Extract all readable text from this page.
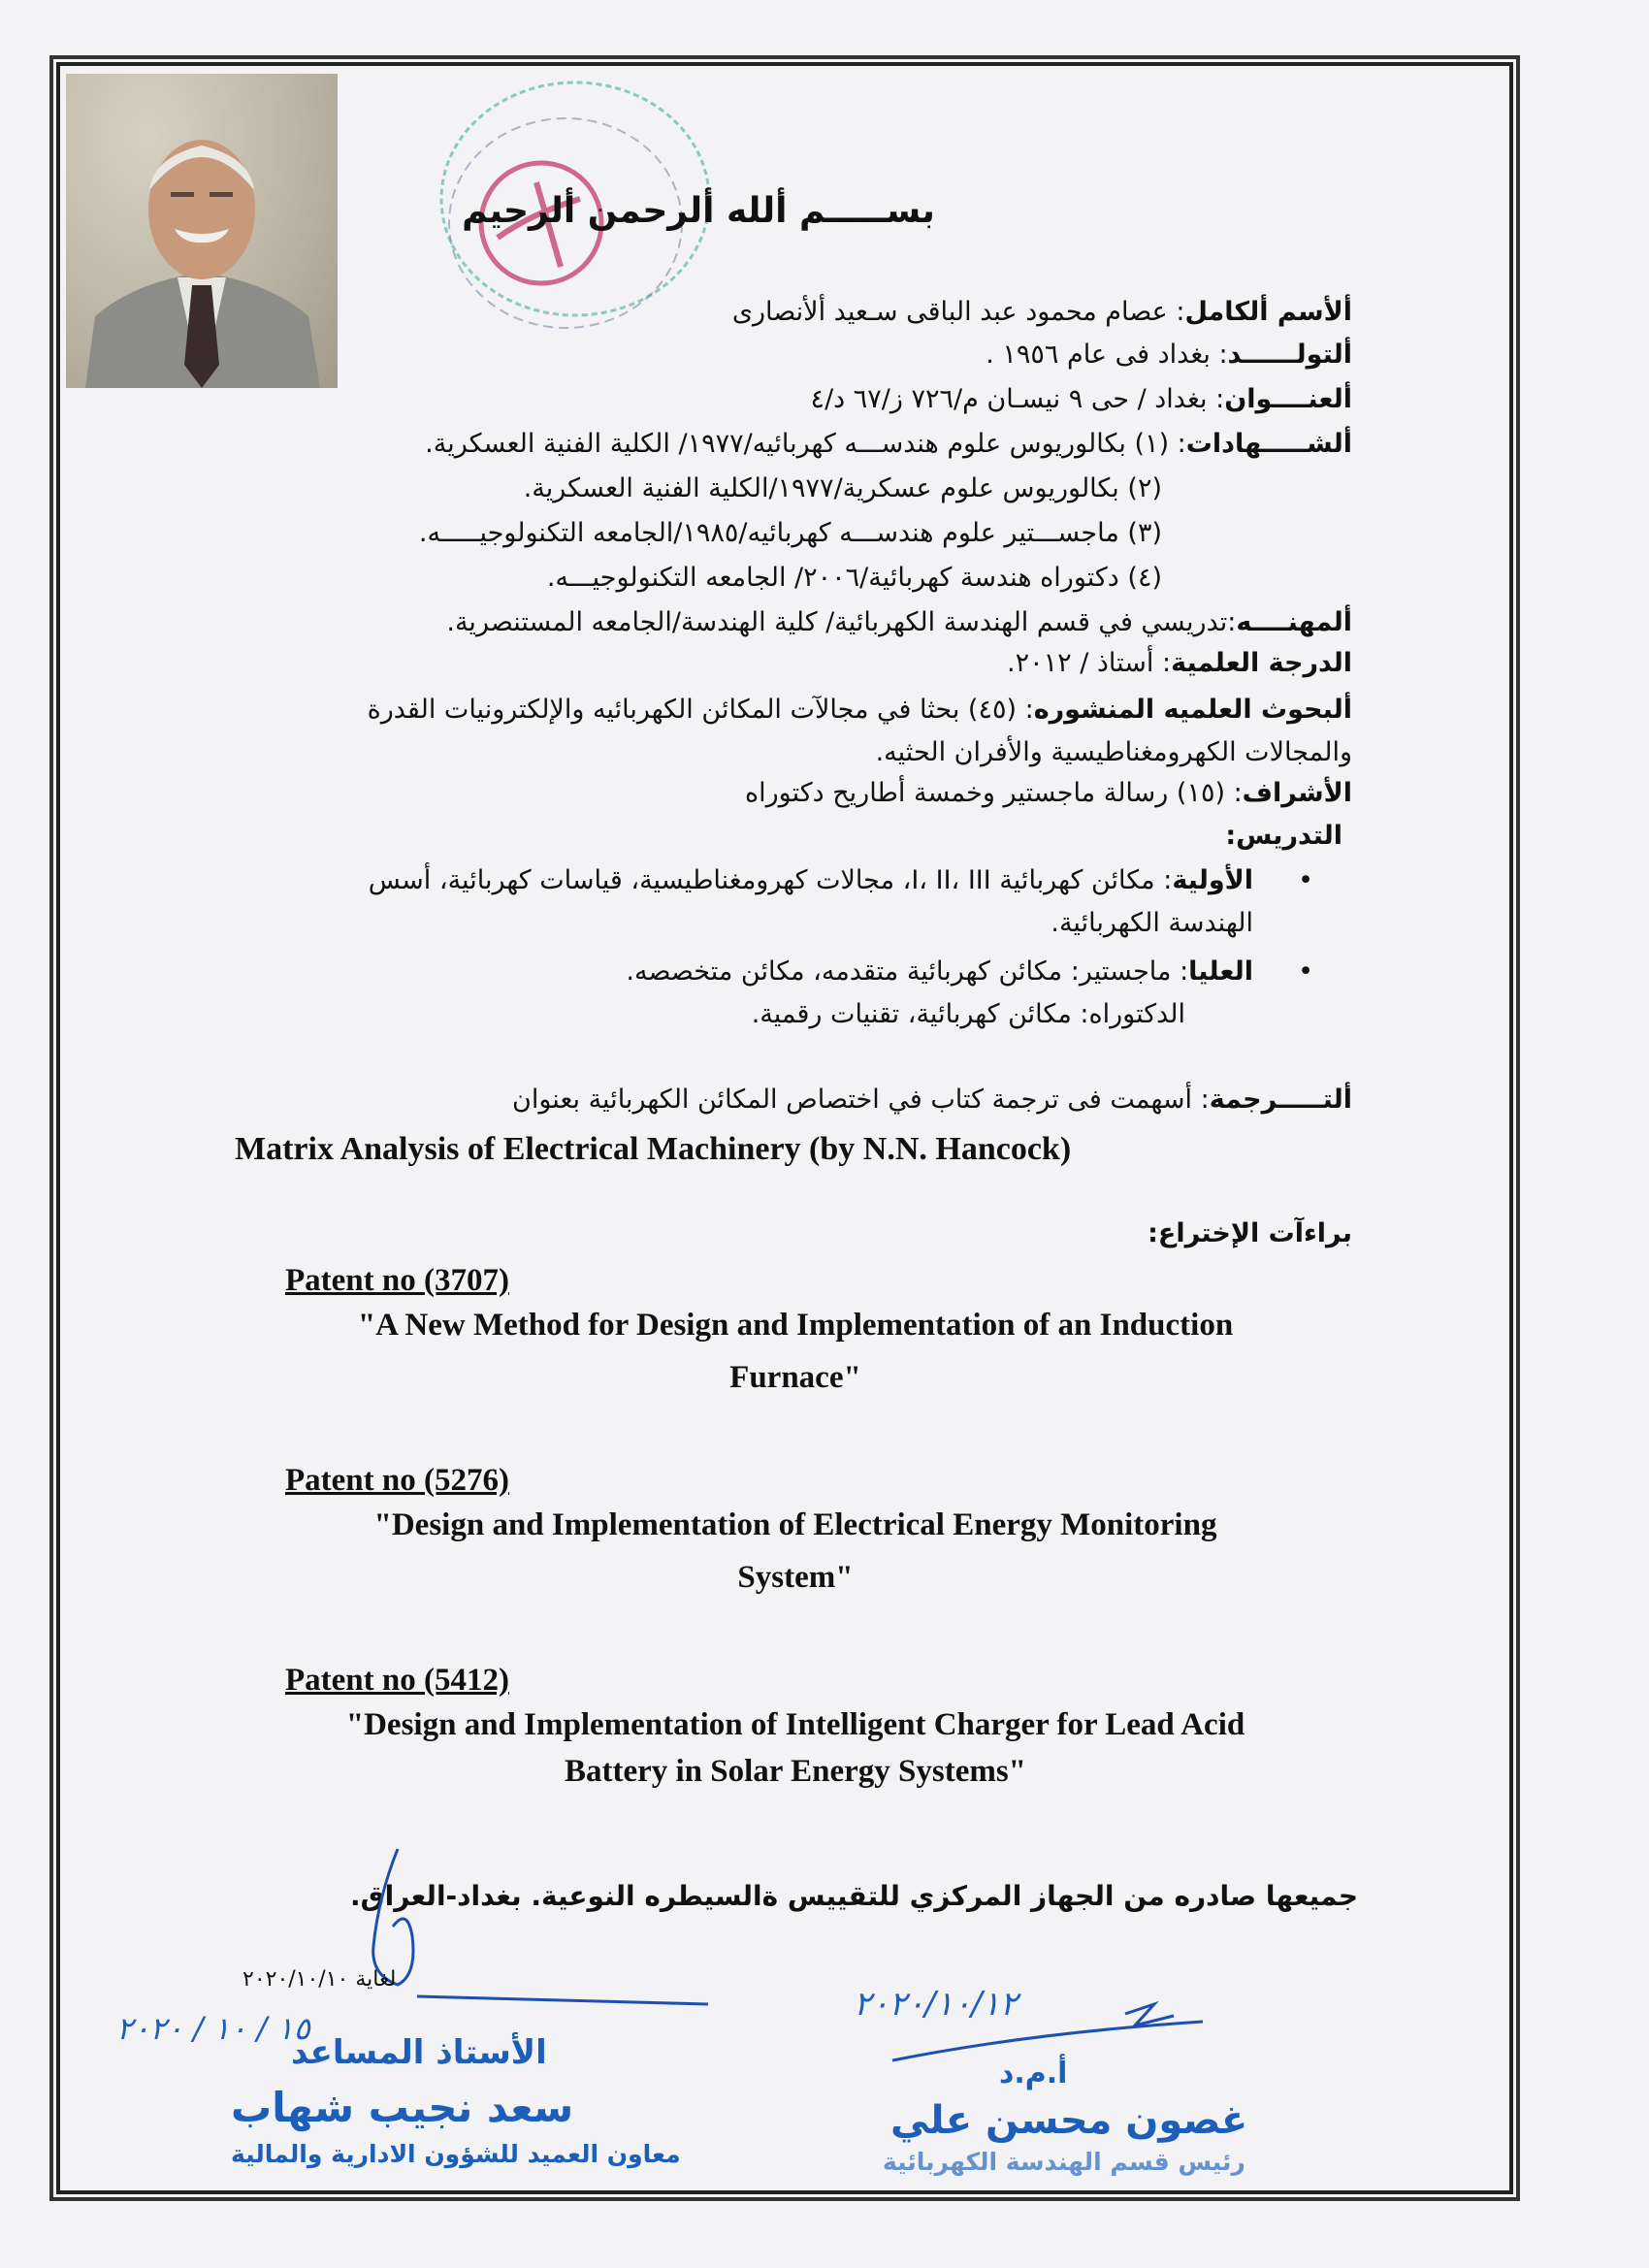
بســـــم ألله ألرحمن ألرحيم
ألأسم ألكامل: عصام محمود عبد الباقى سـعيد ألأنصارى
ألتولــــــد: بغداد فى عام ١٩٥٦ .
ألعنــــوان: بغداد / حى ٩ نيسـان م/٧٢٦ ز/٦٧ د/٤
ألشـــــهادات: (١) بكالوريوس علوم هندســـه كهربائيه/١٩٧٧/ الكلية الفنية العسكرية.
(٢) بكالوريوس علوم عسكرية/١٩٧٧/الكلية الفنية العسكرية.
(٣) ماجســـتير علوم هندســـه كهربائيه/١٩٨٥/الجامعه التكنولوجيـــــه.
(٤) دكتوراه هندسة كهربائية/٢٠٠٦/ الجامعه التكنولوجيـــه.
ألمهنــــه:تدريسي في قسم الهندسة الكهربائية/ كلية الهندسة/الجامعه المستنصرية.
الدرجة العلمية: أستاذ / ٢٠١٢.
ألبحوث العلميه المنشوره: (٤٥) بحثا في مجالآت المكائن الكهربائيه والإلكترونيات القدرة
والمجالات الكهرومغناطيسية والأفران الحثيه.
الأشراف: (١٥) رسالة ماجستير وخمسة أطاريح دكتوراه
التدريس:
•
الأولية: مكائن كهربائية I، II، III، مجالات كهرومغناطيسية، قياسات كهربائية، أسس
الهندسة الكهربائية.
•
العليا: ماجستير: مكائن كهربائية متقدمه، مكائن متخصصه.
الدكتوراه: مكائن كهربائية، تقنيات رقمية.
ألتـــــرجمة: أسهمت فى ترجمة كتاب في اختصاص المكائن الكهربائية بعنوان
Matrix Analysis of Electrical Machinery (by N.N. Hancock)
براءآت الإختراع:
Patent no (3707)
"A New Method for Design and Implementation of an Induction
Furnace"
Patent no (5276)
"Design and Implementation of Electrical Energy Monitoring
System"
Patent no (5412)
"Design and Implementation of Intelligent Charger for Lead Acid
Battery in Solar Energy Systems"
جميعها صادره من الجهاز المركزي للتقييس ةالسيطره النوعية. بغداد-العراق.
لغاية ٢٠٢٠/١٠/١٠
١٥ / ١٠ / ٢٠٢٠
الأستاذ المساعد
سعد نجيب شهاب
معاون العميد للشؤون الادارية والمالية
٢٠٢٠/١٠/١٢
أ.م.د
غصون محسن علي
رئيس قسم الهندسة الكهربائية
